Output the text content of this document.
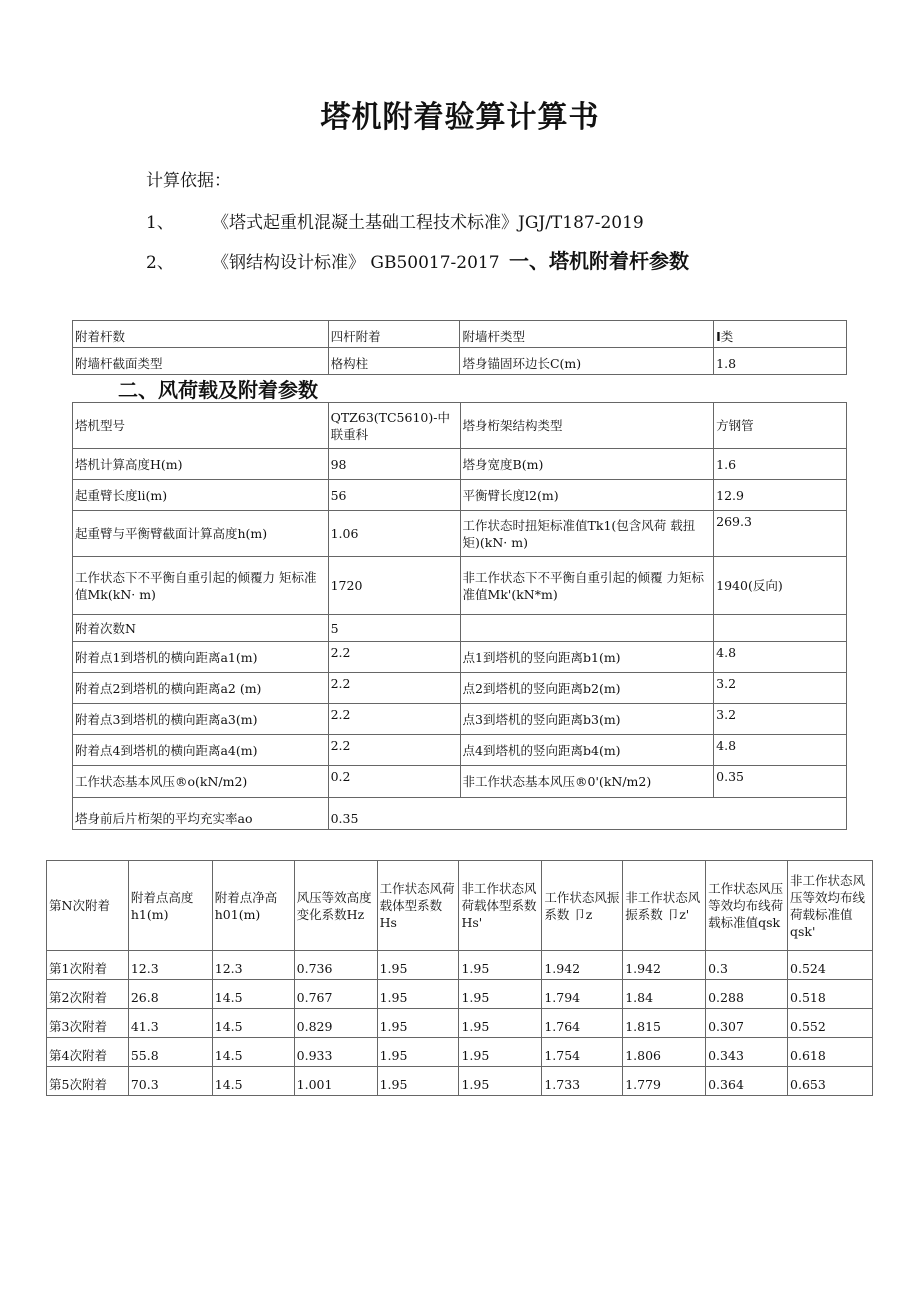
塔机附着验算计算书
计算依据：
1、 《塔式起重机混凝土基础工程技术标准》JGJ/T187-2019
2、 《钢结构设计标准》 GB50017-2017 一、塔机附着杆参数
附着杆数	四杆附着	附墙杆类型	I类
附墙杆截面类型	格构柱	塔身锚固环边长C(m)	1.8
二、风荷载及附着参数
塔机型号	QTZ63(TC5610)-中联重科	塔身桁架结构类型	方钢管
塔机计算高度H(m)	98	塔身宽度B(m)	1.6
起重臂长度li(m)	56	平衡臂长度l2(m)	12.9
起重臂与平衡臂截面计算高度h(m)	1.06	工作状态时扭矩标准值Tk1(包含风荷 载扭矩)(kN· m)	269.3
工作状态下不平衡自重引起的倾覆力 矩标准值Mk(kN· m)	1720	非工作状态下不平衡自重引起的倾覆 力矩标准值Mk'(kN*m)	1940(反向)
附着次数N	5		
附着点1到塔机的横向距离a1(m)	2.2	点1到塔机的竖向距离b1(m)	4.8
附着点2到塔机的横向距离a2 (m)	2.2	点2到塔机的竖向距离b2(m)	3.2
附着点3到塔机的横向距离a3(m)	2.2	点3到塔机的竖向距离b3(m)	3.2
附着点4到塔机的横向距离a4(m)	2.2	点4到塔机的竖向距离b4(m)	4.8
工作状态基本风压®o(kN/m2)	0.2	非工作状态基本风压®0'(kN/m2)	0.35
塔身前后片桁架的平均充实率ao	0.35		
第N次附着	附着点高度h1(m)	附着点净高h01(m)	风压等效高度变化系数Hz	工作状态风荷载体型系数Hs	非工作状态风荷载体型系数Hs'	工作状态风振系数 卩z	非工作状态风振系数 卩z'	工作状态风压等效均布线荷载标准值qsk	非工作状态风压等效均布线荷载标准值qsk'
第1次附着	12.3	12.3	0.736	1.95	1.95	1.942	1.942	0.3	0.524
第2次附着	26.8	14.5	0.767	1.95	1.95	1.794	1.84	0.288	0.518
第3次附着	41.3	14.5	0.829	1.95	1.95	1.764	1.815	0.307	0.552
第4次附着	55.8	14.5	0.933	1.95	1.95	1.754	1.806	0.343	0.618
第5次附着	70.3	14.5	1.001	1.95	1.95	1.733	1.779	0.364	0.653
